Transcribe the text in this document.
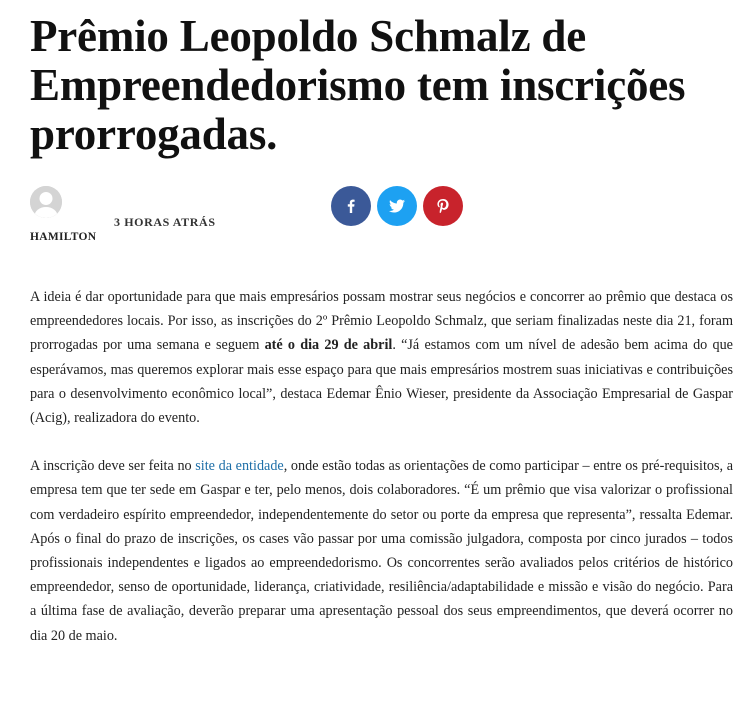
Prêmio Leopoldo Schmalz de Empreendedorismo tem inscrições prorrogadas.
HAMILTON
3 HORAS ATRÁS

A ideia é dar oportunidade para que mais empresários possam mostrar seus negócios e concorrer ao prêmio que destaca os empreendedores locais. Por isso, as inscrições do 2º Prêmio Leopoldo Schmalz, que seriam finalizadas neste dia 21, foram prorrogadas por uma semana e seguem até o dia 29 de abril. “Já estamos com um nível de adesão bem acima do que esperávamos, mas queremos explorar mais esse espaço para que mais empresários mostrem suas iniciativas e contribuições para o desenvolvimento econômico local”, destaca Edemar Ênio Wieser, presidente da Associação Empresarial de Gaspar (Acig), realizadora do evento.

A inscrição deve ser feita no site da entidade, onde estão todas as orientações de como participar – entre os pré-requisitos, a empresa tem que ter sede em Gaspar e ter, pelo menos, dois colaboradores. “É um prêmio que visa valorizar o profissional com verdadeiro espírito empreendedor, independentemente do setor ou porte da empresa que representa”, ressalta Edemar. Após o final do prazo de inscrições, os cases vão passar por uma comissão julgadora, composta por cinco jurados – todos profissionais independentes e ligados ao empreendedorismo. Os concorrentes serão avaliados pelos critérios de histórico empreendedor, senso de oportunidade, liderança, criatividade, resiliência/adaptabilidade e missão e visão do negócio. Para a última fase de avaliação, deverão preparar uma apresentação pessoal dos seus empreendimentos, que deverá ocorrer no dia 20 de maio.
